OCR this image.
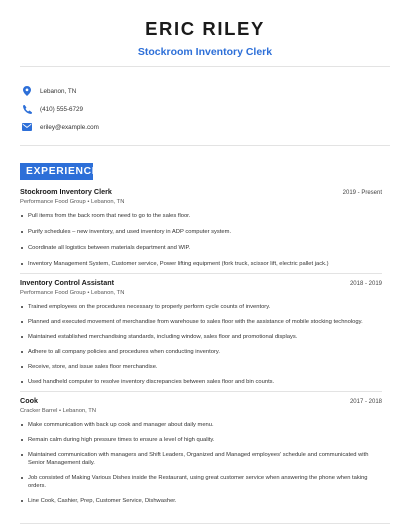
ERIC RILEY
Stockroom Inventory Clerk
Lebanon, TN
(410) 555-6729
eriley@example.com
EXPERIENCE
Stockroom Inventory Clerk	2019 - Present
Performance Food Group • Lebanon, TN
Pull items from the back room that need to go to the sales floor.
Purify schedules – new inventory, and used inventory in ADP computer system.
Coordinate all logistics between materials department and WIP.
Inventory Management System, Customer service, Power lifting equipment (fork truck, scissor lift, electric pallet jack.)
Inventory Control Assistant	2018 - 2019
Performance Food Group • Lebanon, TN
Trained employees on the procedures necessary to properly perform cycle counts of inventory.
Planned and executed movement of merchandise from warehouse to sales floor with the assistance of mobile stocking technology.
Maintained established merchandising standards, including window, sales floor and promotional displays.
Adhere to all company policies and procedures when conducting inventory.
Receive, store, and issue sales floor merchandise.
Used handheld computer to resolve inventory discrepancies between sales floor and bin counts.
Cook	2017 - 2018
Cracker Barrel • Lebanon, TN
Make communication with back up cook and manager about daily menu.
Remain calm during high pressure times to ensure a level of high quality.
Maintained communication with managers and Shift Leaders, Organized and Managed employees' schedule and communicated with Senior Management daily.
Job consisted of Making Various Dishes inside the Restaurant, using great customer service when answering the phone when taking orders.
Line Cook, Cashier, Prep, Customer Service, Dishwasher.
